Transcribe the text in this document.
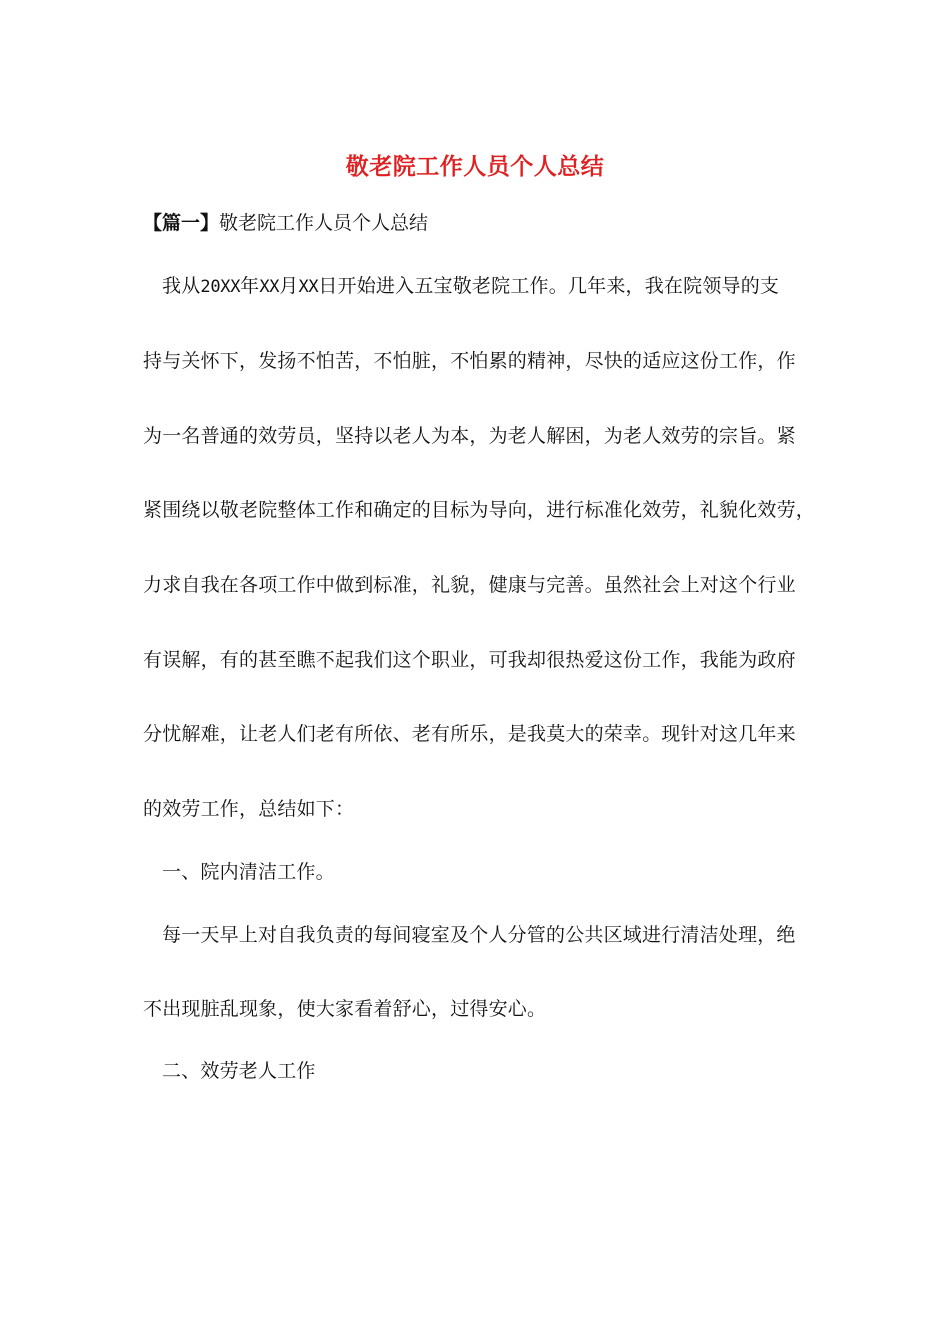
敬老院工作人员个人总结
【篇一】敬老院工作人员个人总结
我从20XX年XX月XX日开始进入五宝敬老院工作。几年来，我在院领导的支
持与关怀下，发扬不怕苦，不怕脏，不怕累的精神，尽快的适应这份工作，作
为一名普通的效劳员，坚持以老人为本，为老人解困，为老人效劳的宗旨。紧
紧围绕以敬老院整体工作和确定的目标为导向，进行标准化效劳，礼貌化效劳，
力求自我在各项工作中做到标准，礼貌，健康与完善。虽然社会上对这个行业
有误解，有的甚至瞧不起我们这个职业，可我却很热爱这份工作，我能为政府
分忧解难，让老人们老有所依、老有所乐，是我莫大的荣幸。现针对这几年来
的效劳工作，总结如下：
一、院内清洁工作。
每一天早上对自我负责的每间寝室及个人分管的公共区域进行清洁处理，绝
不出现脏乱现象，使大家看着舒心，过得安心。
二、效劳老人工作
